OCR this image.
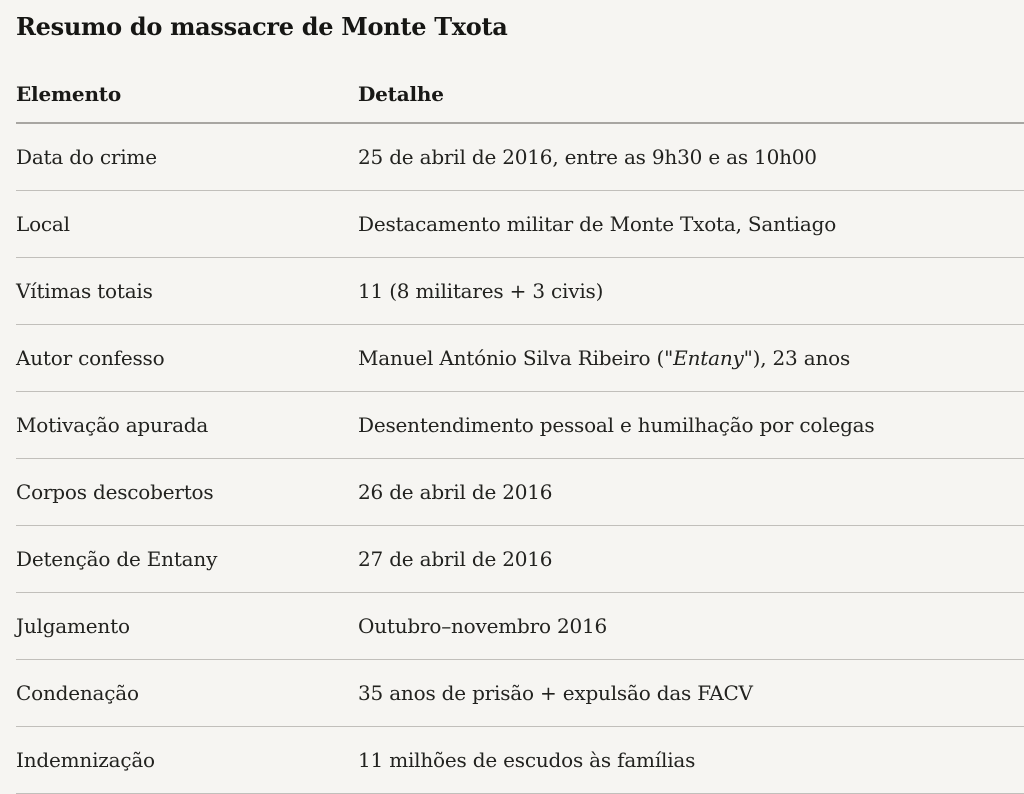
Resumo do massacre de Monte Txota
Elemento	Detalhe
Data do crime	25 de abril de 2016, entre as 9h30 e as 10h00
Local	Destacamento militar de Monte Txota, Santiago
Vítimas totais	11 (8 militares + 3 civis)
Autor confesso	Manuel António Silva Ribeiro ("Entany"), 23 anos
Motivação apurada	Desentendimento pessoal e humilhação por colegas
Corpos descobertos	26 de abril de 2016
Detenção de Entany	27 de abril de 2016
Julgamento	Outubro–novembro 2016
Condenação	35 anos de prisão + expulsão das FACV
Indemnização	11 milhões de escudos às famílias
